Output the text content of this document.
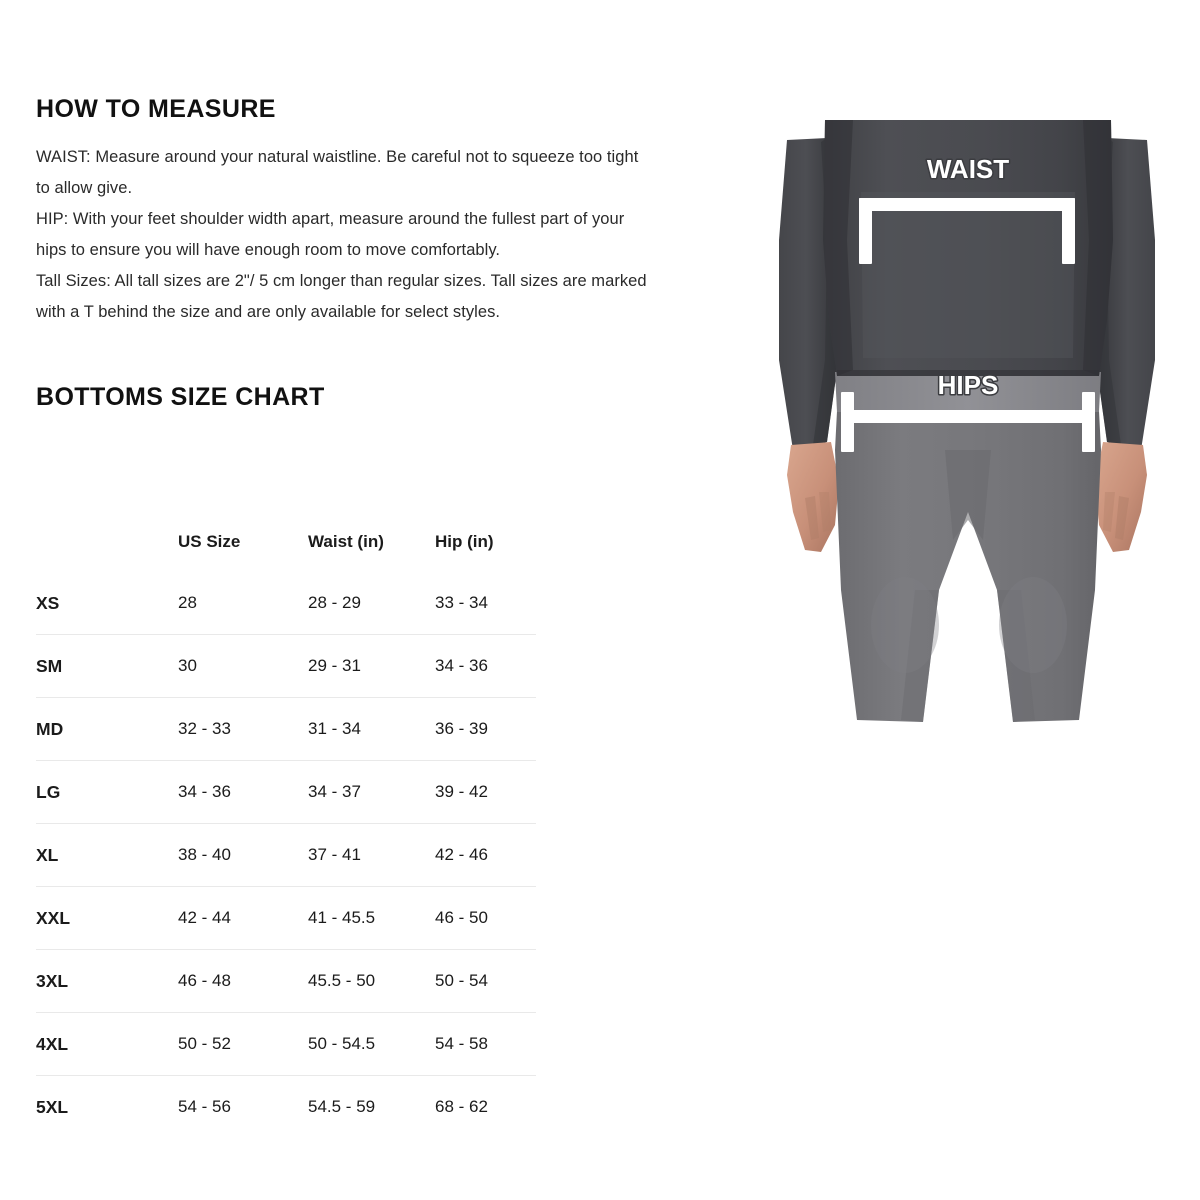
HOW TO MEASURE

WAIST: Measure around your natural waistline. Be careful not to squeeze too tight to allow give.

HIP: With your feet shoulder width apart, measure around the fullest part of your hips to ensure you will have enough room to move comfortably.

Tall Sizes: All tall sizes are 2"/ 5 cm longer than regular sizes. Tall sizes are marked with a T behind the size and are only available for select styles.

BOTTOMS SIZE CHART
	US Size	Waist (in)	Hip (in)
XS	28	28 - 29	33 - 34
SM	30	29 - 31	34 - 36
MD	32 - 33	31 - 34	36 - 39
LG	34 - 36	34 - 37	39 - 42
XL	38 - 40	37 - 41	42 - 46
XXL	42 - 44	41 - 45.5	46 - 50
3XL	46 - 48	45.5 - 50	50 - 54
4XL	50 - 52	50 - 54.5	54 - 58
5XL	54 - 56	54.5 - 59	68 - 62
WAIST
HIPS
